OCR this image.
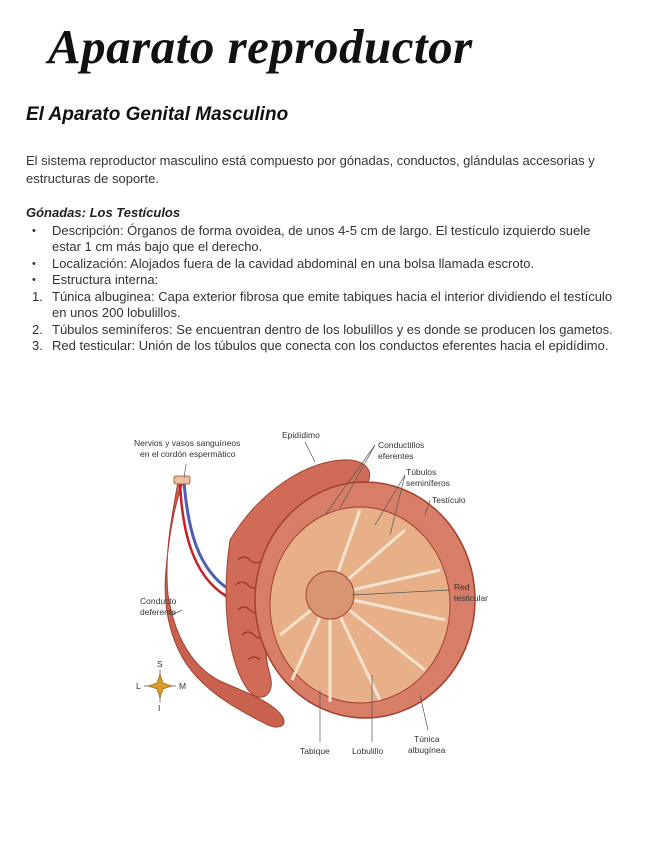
Aparato reproductor
El Aparato Genital Masculino

El sistema reproductor masculino está compuesto por gónadas, conductos, glándulas accesorias y estructuras de soporte.

Gónadas: Los Testículos

• Descripción: Órganos de forma ovoidea, de unos 4-5 cm de largo. El testículo izquierdo suele estar 1 cm más bajo que el derecho.
• Localización: Alojados fuera de la cavidad abdominal en una bolsa llamada escroto.
• Estructura interna:
1. Túnica albuginea: Capa exterior fibrosa que emite tabiques hacia el interior dividiendo el testículo en unos 200 lobulillos.
2. Túbulos seminíferos: Se encuentran dentro de los lobulillos y es donde se producen los gametos.
3. Red testicular: Unión de los túbulos que conecta con los conductos eferentes hacia el epidídimo.
Nervios y vasos sanguíneos
en el cordón espermático
Epidídimo
Conductillos
eferentes
Túbulos
seminíferos
Testículo
Red
testicular
Conducto
deferente
Tabique	Lobulillo
Túnica
albugínea
S
L	M
I
